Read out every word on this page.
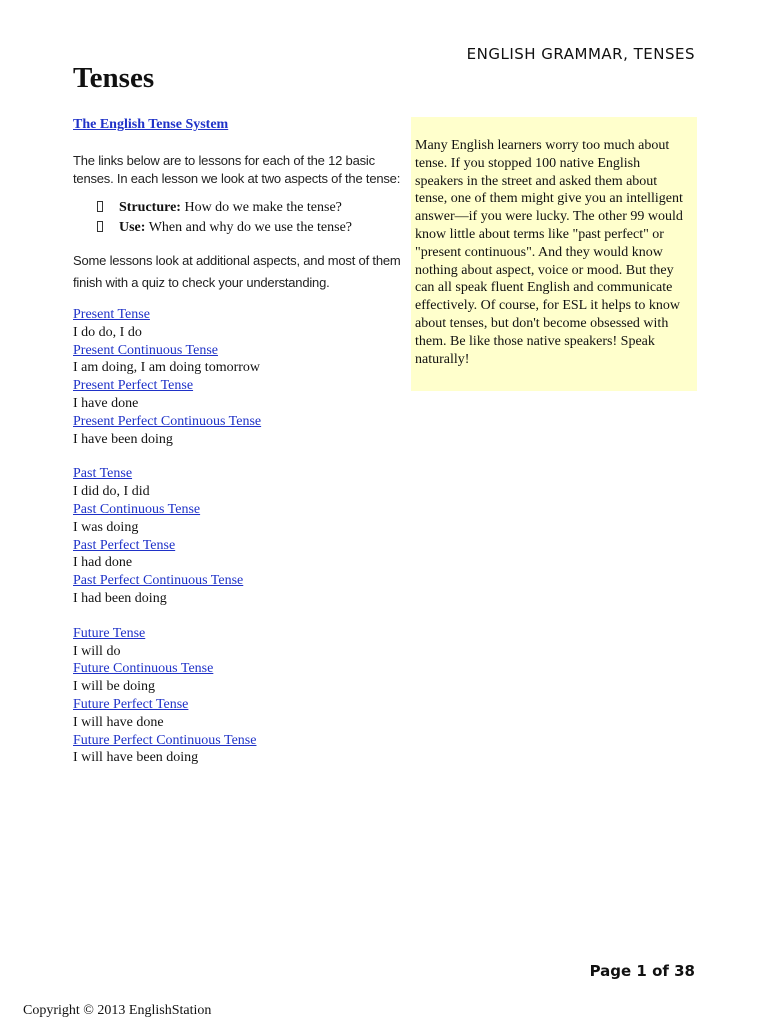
ENGLISH GRAMMAR, TENSES
Tenses
The English Tense System

The links below are to lessons for each of the 12 basic tenses. In each lesson we look at two aspects of the tense:

Structure: How do we make the tense?
Use: When and why do we use the tense?

Some lessons look at additional aspects, and most of them finish with a quiz to check your understanding.

Present Tense
I do do, I do
Present Continuous Tense
I am doing, I am doing tomorrow
Present Perfect Tense
I have done
Present Perfect Continuous Tense
I have been doing
Past Tense
I did do, I did
Past Continuous Tense
I was doing
Past Perfect Tense
I had done
Past Perfect Continuous Tense
I had been doing
Future Tense
I will do
Future Continuous Tense
I will be doing
Future Perfect Tense
I will have done
Future Perfect Continuous Tense
I will have been doing
Many English learners worry too much about tense. If you stopped 100 native English speakers in the street and asked them about tense, one of them might give you an intelligent answer—if you were lucky. The other 99 would know little about terms like "past perfect" or "present continuous". And they would know nothing about aspect, voice or mood. But they can all speak fluent English and communicate effectively. Of course, for ESL it helps to know about tenses, but don't become obsessed with them. Be like those native speakers! Speak naturally!
Page 1 of 38
Copyright © 2013 EnglishStation
